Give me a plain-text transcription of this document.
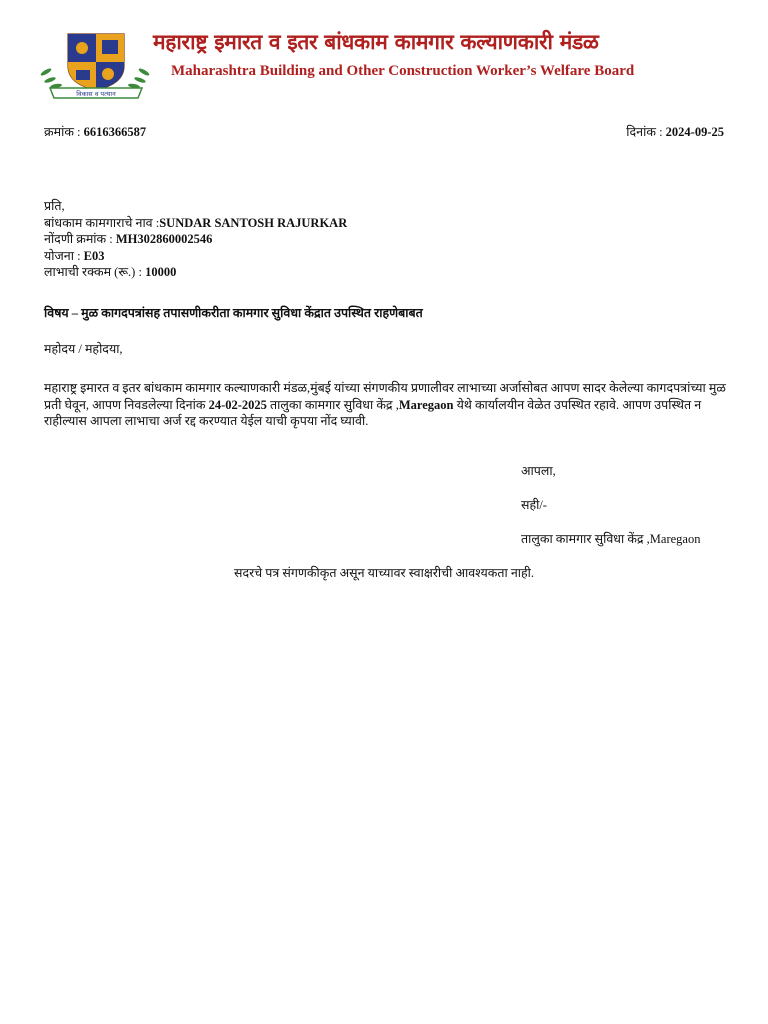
विकास व पत्थान
महाराष्ट्र इमारत व इतर बांधकाम कामगार कल्याणकारी मंडळ
Maharashtra Building and Other Construction Worker’s Welfare Board
क्रमांक : 6616366587	दिनांक : 2024-09-25
प्रति,
बांधकाम कामगाराचे नाव :SUNDAR SANTOSH RAJURKAR
नोंदणी क्रमांक : MH302860002546
योजना : E03
लाभाची रक्कम (रू.) : 10000
विषय – मुळ कागदपत्रांसह तपासणीकरीता कामगार सुविधा केंद्रात उपस्थित राहणेबाबत
महोदय / महोदया,
महाराष्ट्र इमारत व इतर बांधकाम कामगार कल्याणकारी मंडळ,मुंबई यांच्या संगणकीय प्रणालीवर लाभाच्या अर्जासोबत आपण सादर केलेल्या कागदपत्रांच्या मुळ प्रती घेवून, आपण निवडलेल्या दिनांक 24-02-2025 तालुका कामगार सुविधा केंद्र ,Maregaon येथे कार्यालयीन वेळेत उपस्थित रहावे. आपण उपस्थित न राहील्यास आपला लाभाचा अर्ज रद्द करण्यात येईल याची कृपया नोंद घ्यावी.
आपला,
सही/-
तालुका कामगार सुविधा केंद्र ,Maregaon
सदरचे पत्र संगणकीकृत असून याच्यावर स्वाक्षरीची आवश्यकता नाही.
